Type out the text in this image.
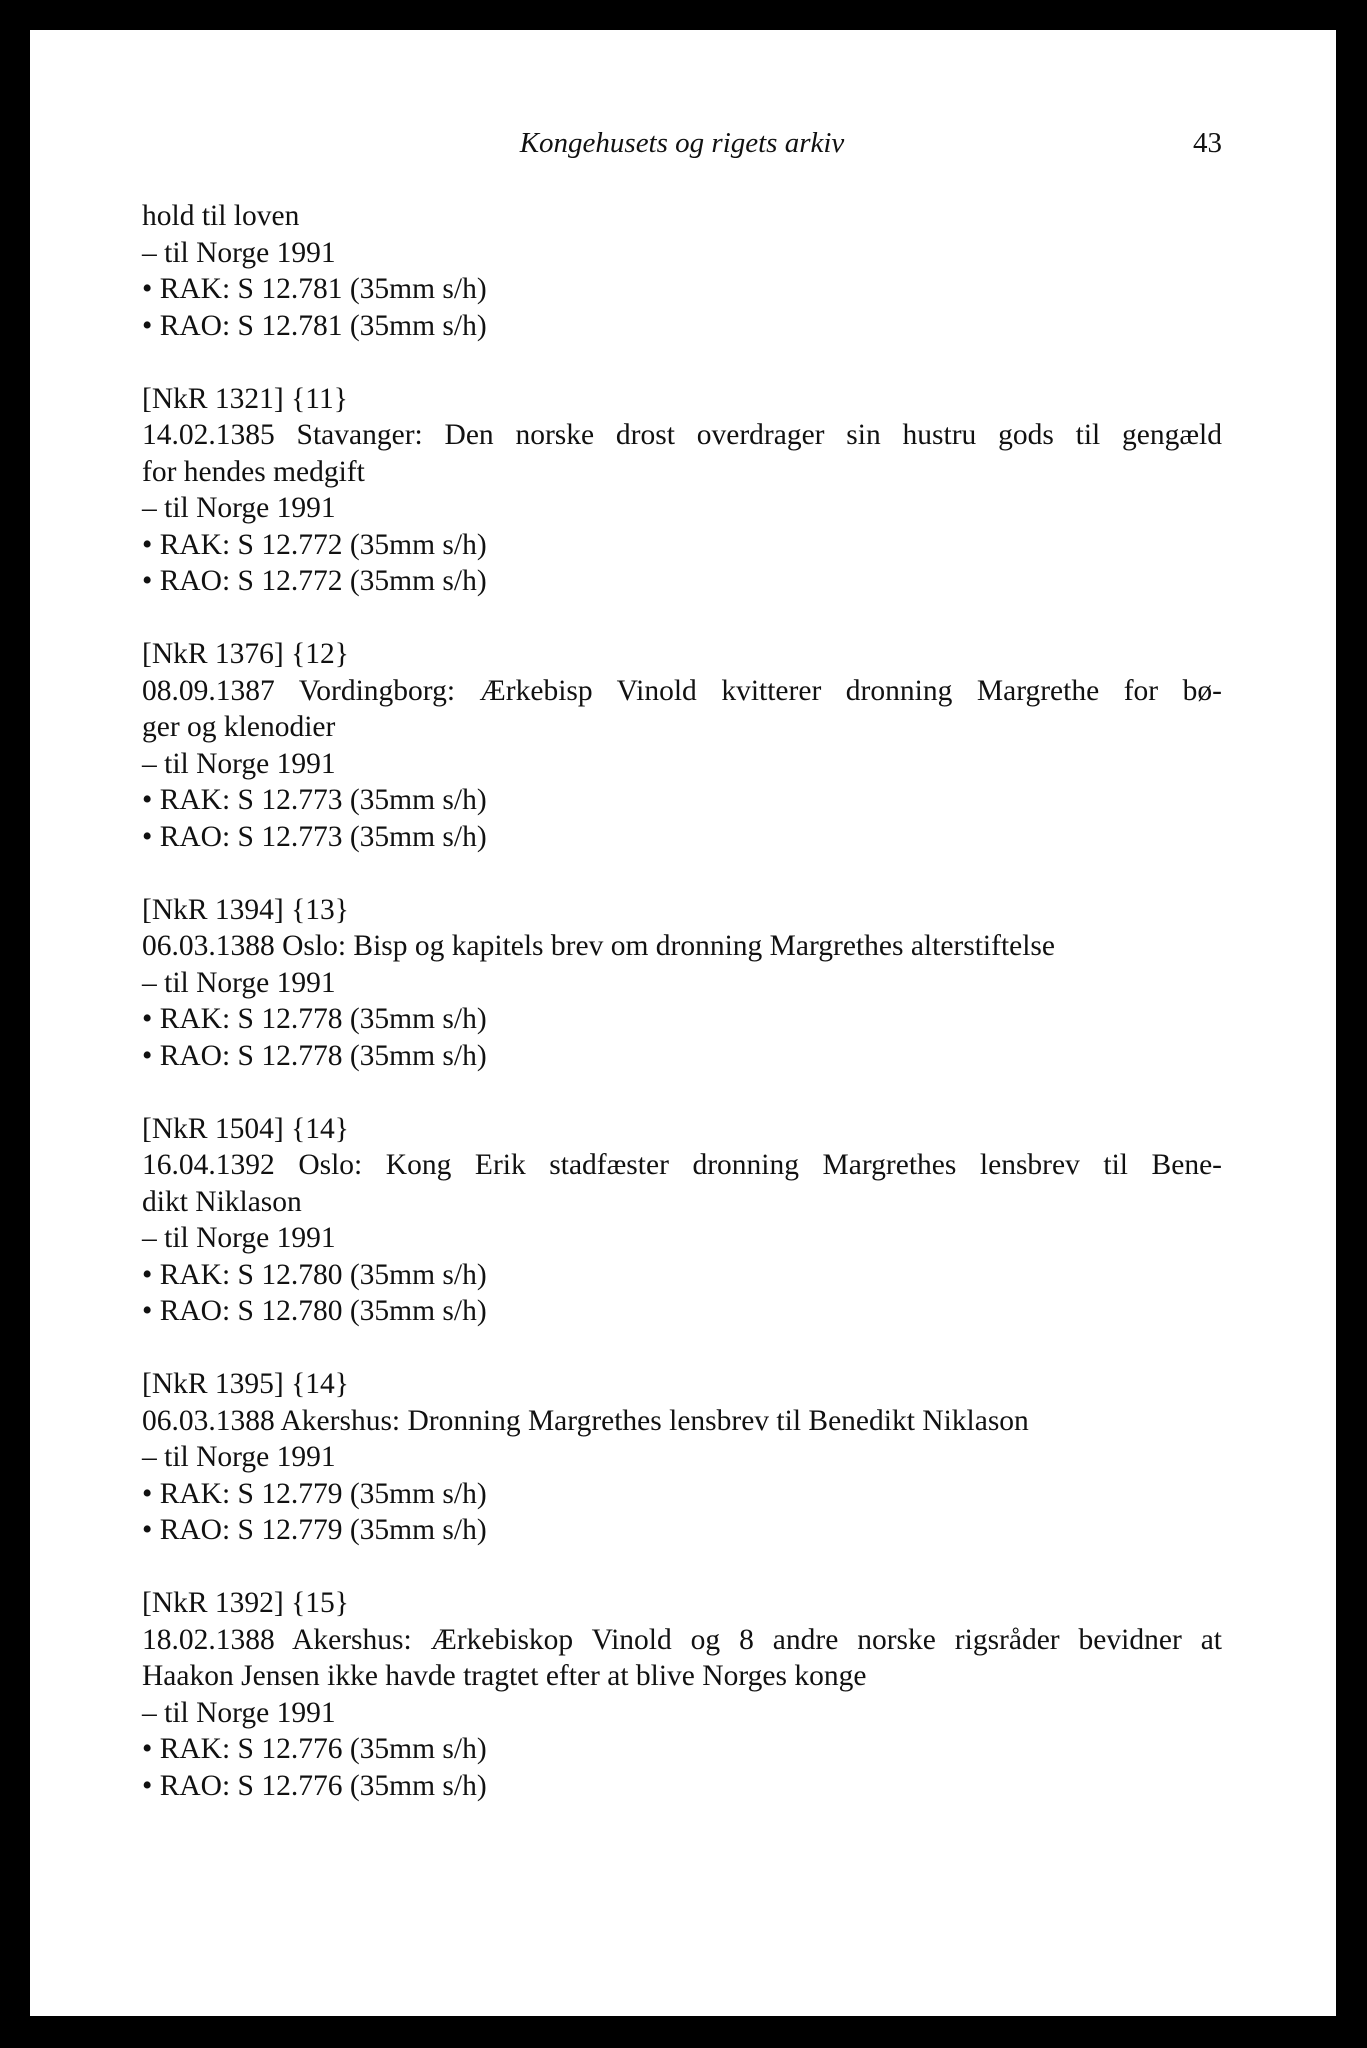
Kongehusets og rigets arkiv	43
hold til loven
– til Norge 1991
• RAK: S 12.781 (35mm s/h)
• RAO: S 12.781 (35mm s/h)
[NkR 1321] {11}
14.02.1385 Stavanger: Den norske drost overdrager sin hustru gods til gengæld
for hendes medgift
– til Norge 1991
• RAK: S 12.772 (35mm s/h)
• RAO: S 12.772 (35mm s/h)
[NkR 1376] {12}
08.09.1387 Vordingborg: Ærkebisp Vinold kvitterer dronning Margrethe for bø-
ger og klenodier
– til Norge 1991
• RAK: S 12.773 (35mm s/h)
• RAO: S 12.773 (35mm s/h)
[NkR 1394] {13}
06.03.1388 Oslo: Bisp og kapitels brev om dronning Margrethes alterstiftelse
– til Norge 1991
• RAK: S 12.778 (35mm s/h)
• RAO: S 12.778 (35mm s/h)
[NkR 1504] {14}
16.04.1392 Oslo: Kong Erik stadfæster dronning Margrethes lensbrev til Bene-
dikt Niklason
– til Norge 1991
• RAK: S 12.780 (35mm s/h)
• RAO: S 12.780 (35mm s/h)
[NkR 1395] {14}
06.03.1388 Akershus: Dronning Margrethes lensbrev til Benedikt Niklason
– til Norge 1991
• RAK: S 12.779 (35mm s/h)
• RAO: S 12.779 (35mm s/h)
[NkR 1392] {15}
18.02.1388 Akershus: Ærkebiskop Vinold og 8 andre norske rigsråder bevidner at
Haakon Jensen ikke havde tragtet efter at blive Norges konge
– til Norge 1991
• RAK: S 12.776 (35mm s/h)
• RAO: S 12.776 (35mm s/h)
